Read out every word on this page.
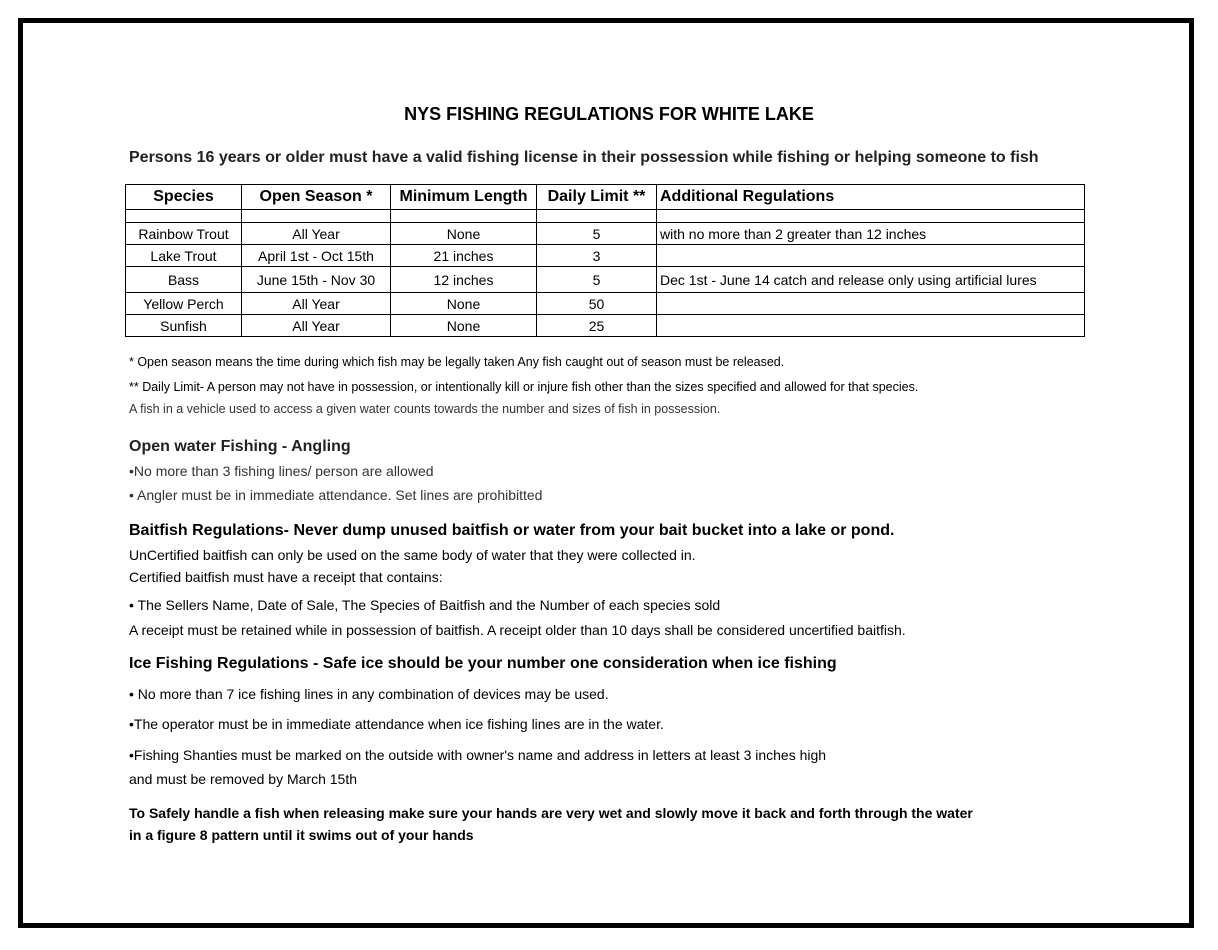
NYS FISHING REGULATIONS FOR WHITE LAKE

Persons 16 years or older must have a valid fishing license in their possession while fishing or helping someone to fish

Species	Open Season *	Minimum Length	Daily Limit **	Additional Regulations

Rainbow Trout	All Year	None	5	with no more than 2 greater than 12 inches
Lake Trout	April 1st - Oct 15th	21 inches	3	
Bass	June 15th - Nov 30	12 inches	5	Dec 1st - June 14 catch and release only using artificial lures
Yellow Perch	All Year	None	50	
Sunfish	All Year	None	25	

* Open season means the time during which fish may be legally taken Any fish caught out of season must be released.

** Daily Limit- A person may not have in possession, or intentionally kill or injure fish other than the sizes specified and allowed for that species.

A fish in a vehicle used to access a given water counts towards the number and sizes of fish in possession.

Open water Fishing - Angling

•No more than 3 fishing lines/ person are allowed

• Angler must be in immediate attendance. Set lines are prohibitted

Baitfish Regulations- Never dump unused baitfish or water from your bait bucket into a lake or pond.

UnCertified baitfish can only be used on the same body of water that they were collected in.

Certified baitfish must have a receipt that contains:

• The Sellers Name, Date of Sale, The Species of Baitfish and the Number of each species sold

A receipt must be retained while in possession of baitfish. A receipt older than 10 days shall be considered uncertified baitfish.

Ice Fishing Regulations - Safe ice should be your number one consideration when ice fishing

• No more than 7 ice fishing lines in any combination of devices may be used.

•The operator must be in immediate attendance when ice fishing lines are in the water.

•Fishing Shanties must be marked on the outside with owner's name and address in letters at least 3 inches high

and must be removed by March 15th

To Safely handle a fish when releasing make sure your hands are very wet and slowly move it back and forth through the water

in a figure 8 pattern until it swims out of your hands
